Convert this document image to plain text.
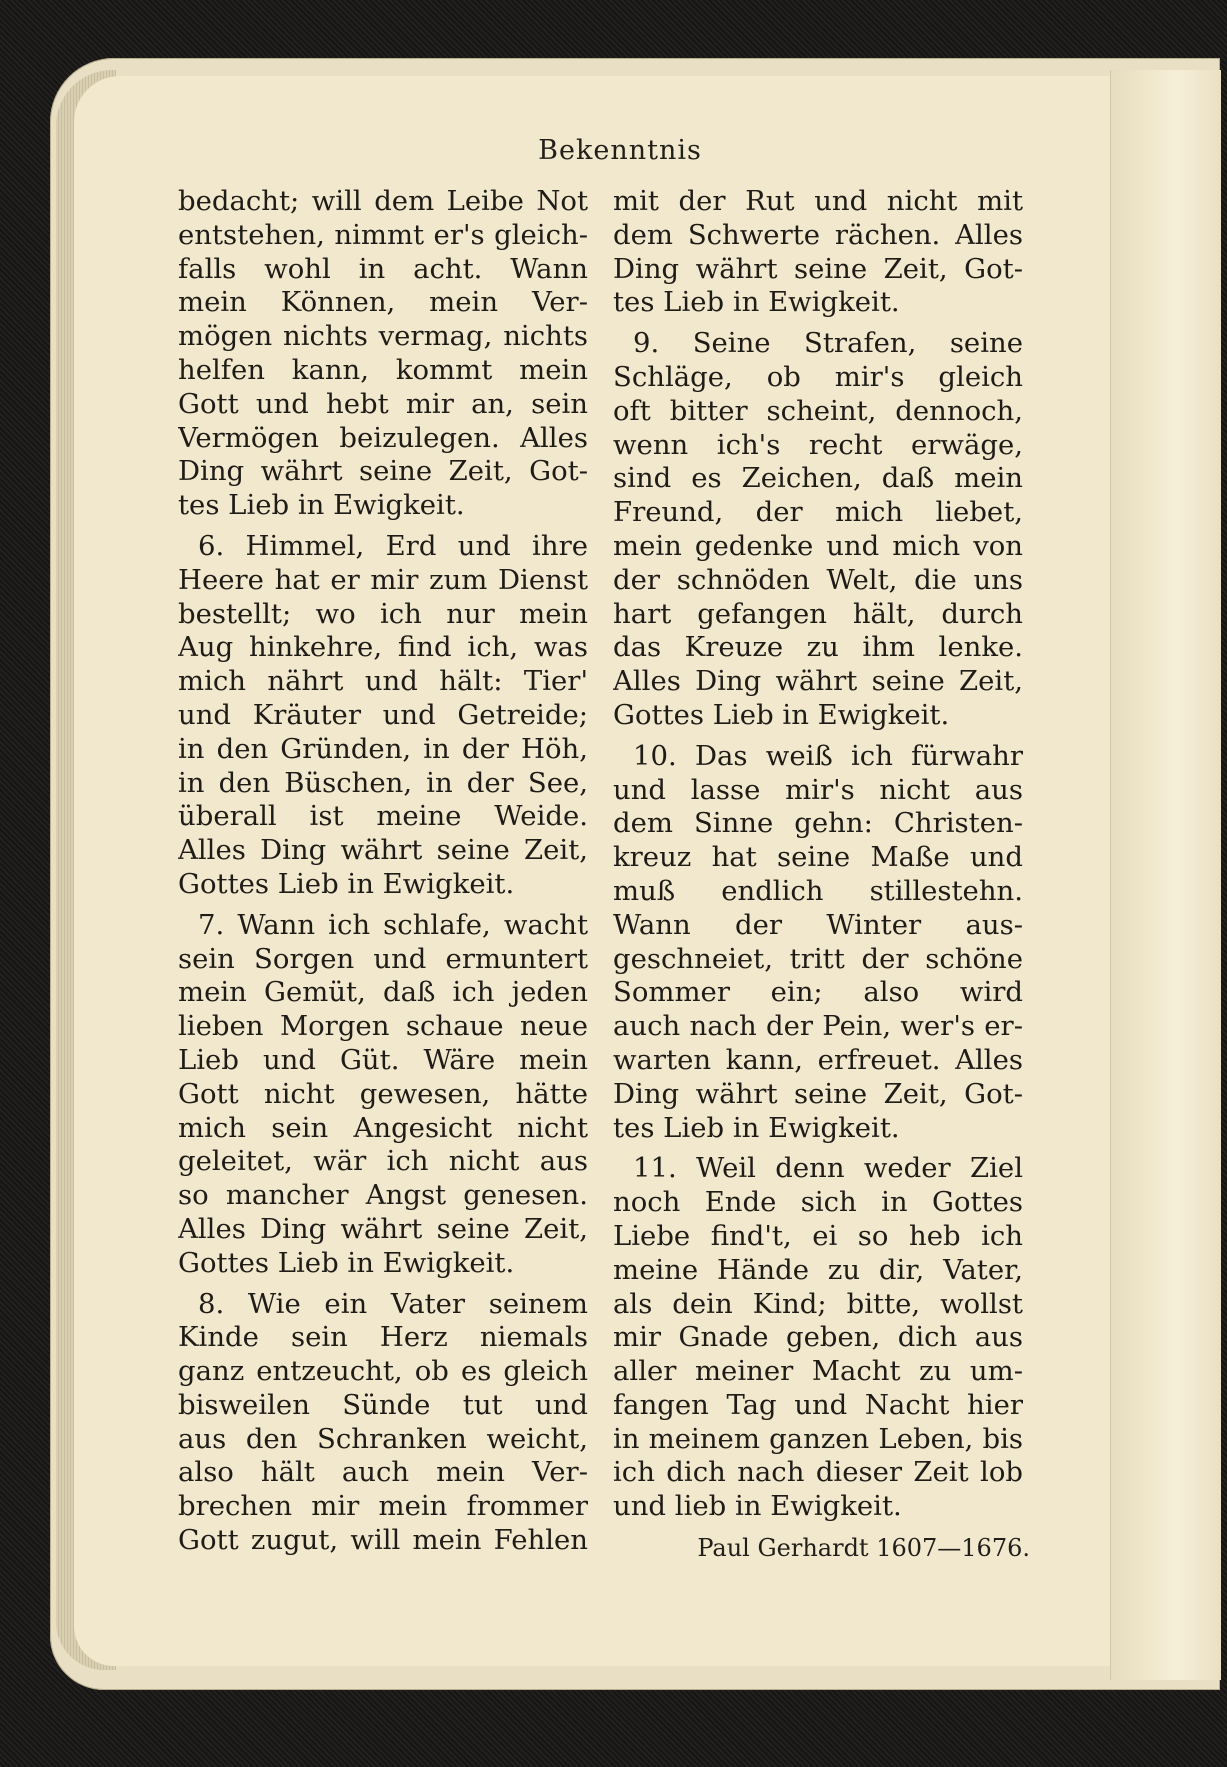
Bekenntnis
bedacht; will dem Leibe Not
entstehen, nimmt er's gleich-
falls wohl in acht. Wann
mein Können, mein Ver-
mögen nichts vermag, nichts
helfen kann, kommt mein
Gott und hebt mir an, sein
Vermögen beizulegen. Alles
Ding währt seine Zeit, Got-
tes Lieb in Ewigkeit.
6. Himmel, Erd und ihre
Heere hat er mir zum Dienst
bestellt; wo ich nur mein
Aug hinkehre, find ich, was
mich nährt und hält: Tier'
und Kräuter und Getreide;
in den Gründen, in der Höh,
in den Büschen, in der See,
überall ist meine Weide.
Alles Ding währt seine Zeit,
Gottes Lieb in Ewigkeit.
7. Wann ich schlafe, wacht
sein Sorgen und ermuntert
mein Gemüt, daß ich jeden
lieben Morgen schaue neue
Lieb und Güt. Wäre mein
Gott nicht gewesen, hätte
mich sein Angesicht nicht
geleitet, wär ich nicht aus
so mancher Angst genesen.
Alles Ding währt seine Zeit,
Gottes Lieb in Ewigkeit.
8. Wie ein Vater seinem
Kinde sein Herz niemals
ganz entzeucht, ob es gleich
bisweilen Sünde tut und
aus den Schranken weicht,
also hält auch mein Ver-
brechen mir mein frommer
Gott zugut, will mein Fehlen
mit der Rut und nicht mit
dem Schwerte rächen. Alles
Ding währt seine Zeit, Got-
tes Lieb in Ewigkeit.
9. Seine Strafen, seine
Schläge, ob mir's gleich
oft bitter scheint, dennoch,
wenn ich's recht erwäge,
sind es Zeichen, daß mein
Freund, der mich liebet,
mein gedenke und mich von
der schnöden Welt, die uns
hart gefangen hält, durch
das Kreuze zu ihm lenke.
Alles Ding währt seine Zeit,
Gottes Lieb in Ewigkeit.
10. Das weiß ich fürwahr
und lasse mir's nicht aus
dem Sinne gehn: Christen-
kreuz hat seine Maße und
muß endlich stillestehn.
Wann der Winter aus-
geschneiet, tritt der schöne
Sommer ein; also wird
auch nach der Pein, wer's er-
warten kann, erfreuet. Alles
Ding währt seine Zeit, Got-
tes Lieb in Ewigkeit.
11. Weil denn weder Ziel
noch Ende sich in Gottes
Liebe find't, ei so heb ich
meine Hände zu dir, Vater,
als dein Kind; bitte, wollst
mir Gnade geben, dich aus
aller meiner Macht zu um-
fangen Tag und Nacht hier
in meinem ganzen Leben, bis
ich dich nach dieser Zeit lob
und lieb in Ewigkeit.
Paul Gerhardt 1607—1676.
